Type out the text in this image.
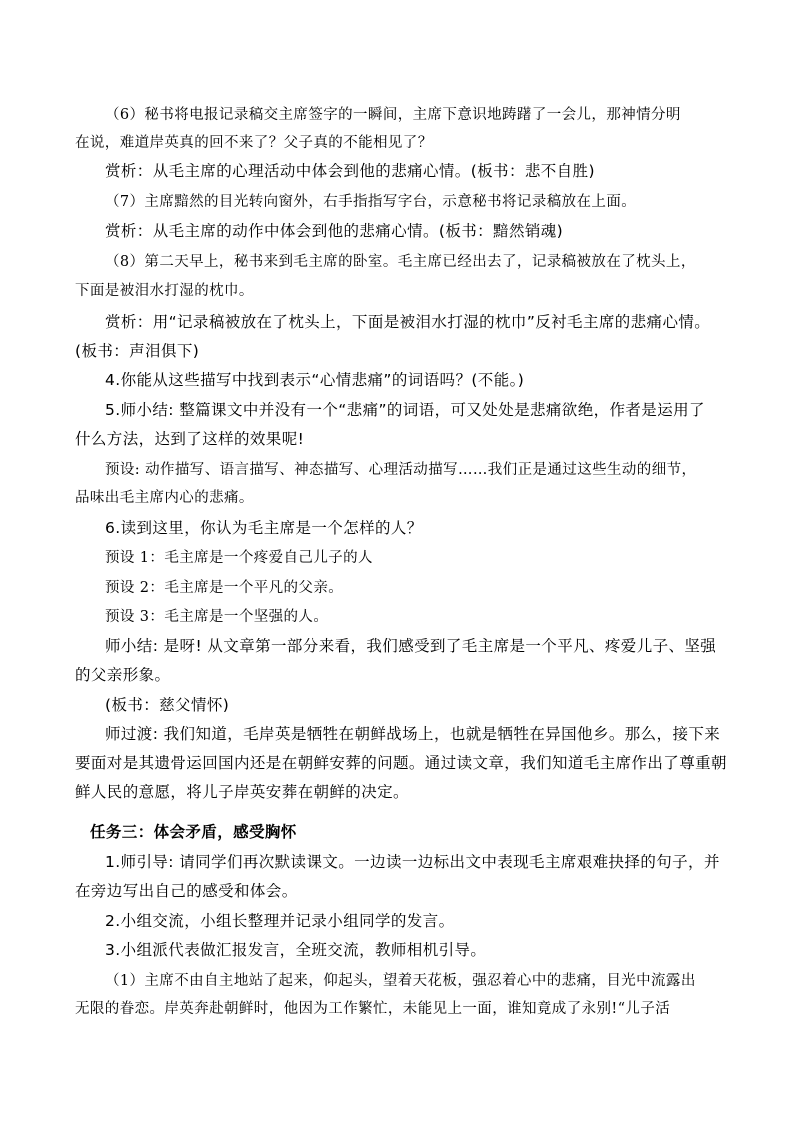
（6）秘书将电报记录稿交主席签字的一瞬间，主席下意识地踌躇了一会儿，那神情分明

在说，难道岸英真的回不来了？父子真的不能相见了？

赏析：从毛主席的心理活动中体会到他的悲痛心情。(板书：悲不自胜)

（7）主席黯然的目光转向窗外，右手指指写字台，示意秘书将记录稿放在上面。

赏析：从毛主席的动作中体会到他的悲痛心情。(板书：黯然销魂)

（8）第二天早上，秘书来到毛主席的卧室。毛主席已经出去了，记录稿被放在了枕头上，

下面是被泪水打湿的枕巾。

赏析：用“记录稿被放在了枕头上，下面是被泪水打湿的枕巾”反衬毛主席的悲痛心情。

(板书：声泪俱下)

4.你能从这些描写中找到表示“心情悲痛”的词语吗？(不能。)

5.师小结: 整篇课文中并没有一个“悲痛”的词语，可又处处是悲痛欲绝，作者是运用了

什么方法，达到了这样的效果呢!

预设: 动作描写、语言描写、神态描写、心理活动描写……我们正是通过这些生动的细节，

品味出毛主席内心的悲痛。

6.读到这里，你认为毛主席是一个怎样的人？

预设 1：毛主席是一个疼爱自己儿子的人

预设 2：毛主席是一个平凡的父亲。

预设 3：毛主席是一个坚强的人。

师小结: 是呀! 从文章第一部分来看，我们感受到了毛主席是一个平凡、疼爱儿子、坚强

的父亲形象。

(板书：慈父情怀)

师过渡: 我们知道，毛岸英是牺牲在朝鲜战场上，也就是牺牲在异国他乡。那么，接下来

要面对是其遗骨运回国内还是在朝鲜安葬的问题。通过读文章，我们知道毛主席作出了尊重朝

鲜人民的意愿，将儿子岸英安葬在朝鲜的决定。

任务三：体会矛盾，感受胸怀

1.师引导: 请同学们再次默读课文。一边读一边标出文中表现毛主席艰难抉择的句子，并

在旁边写出自己的感受和体会。

2.小组交流，小组长整理并记录小组同学的发言。

3.小组派代表做汇报发言，全班交流，教师相机引导。

（1）主席不由自主地站了起来，仰起头，望着天花板，强忍着心中的悲痛，目光中流露出

无限的眷恋。岸英奔赴朝鲜时，他因为工作繁忙，未能见上一面，谁知竟成了永别!“儿子活
